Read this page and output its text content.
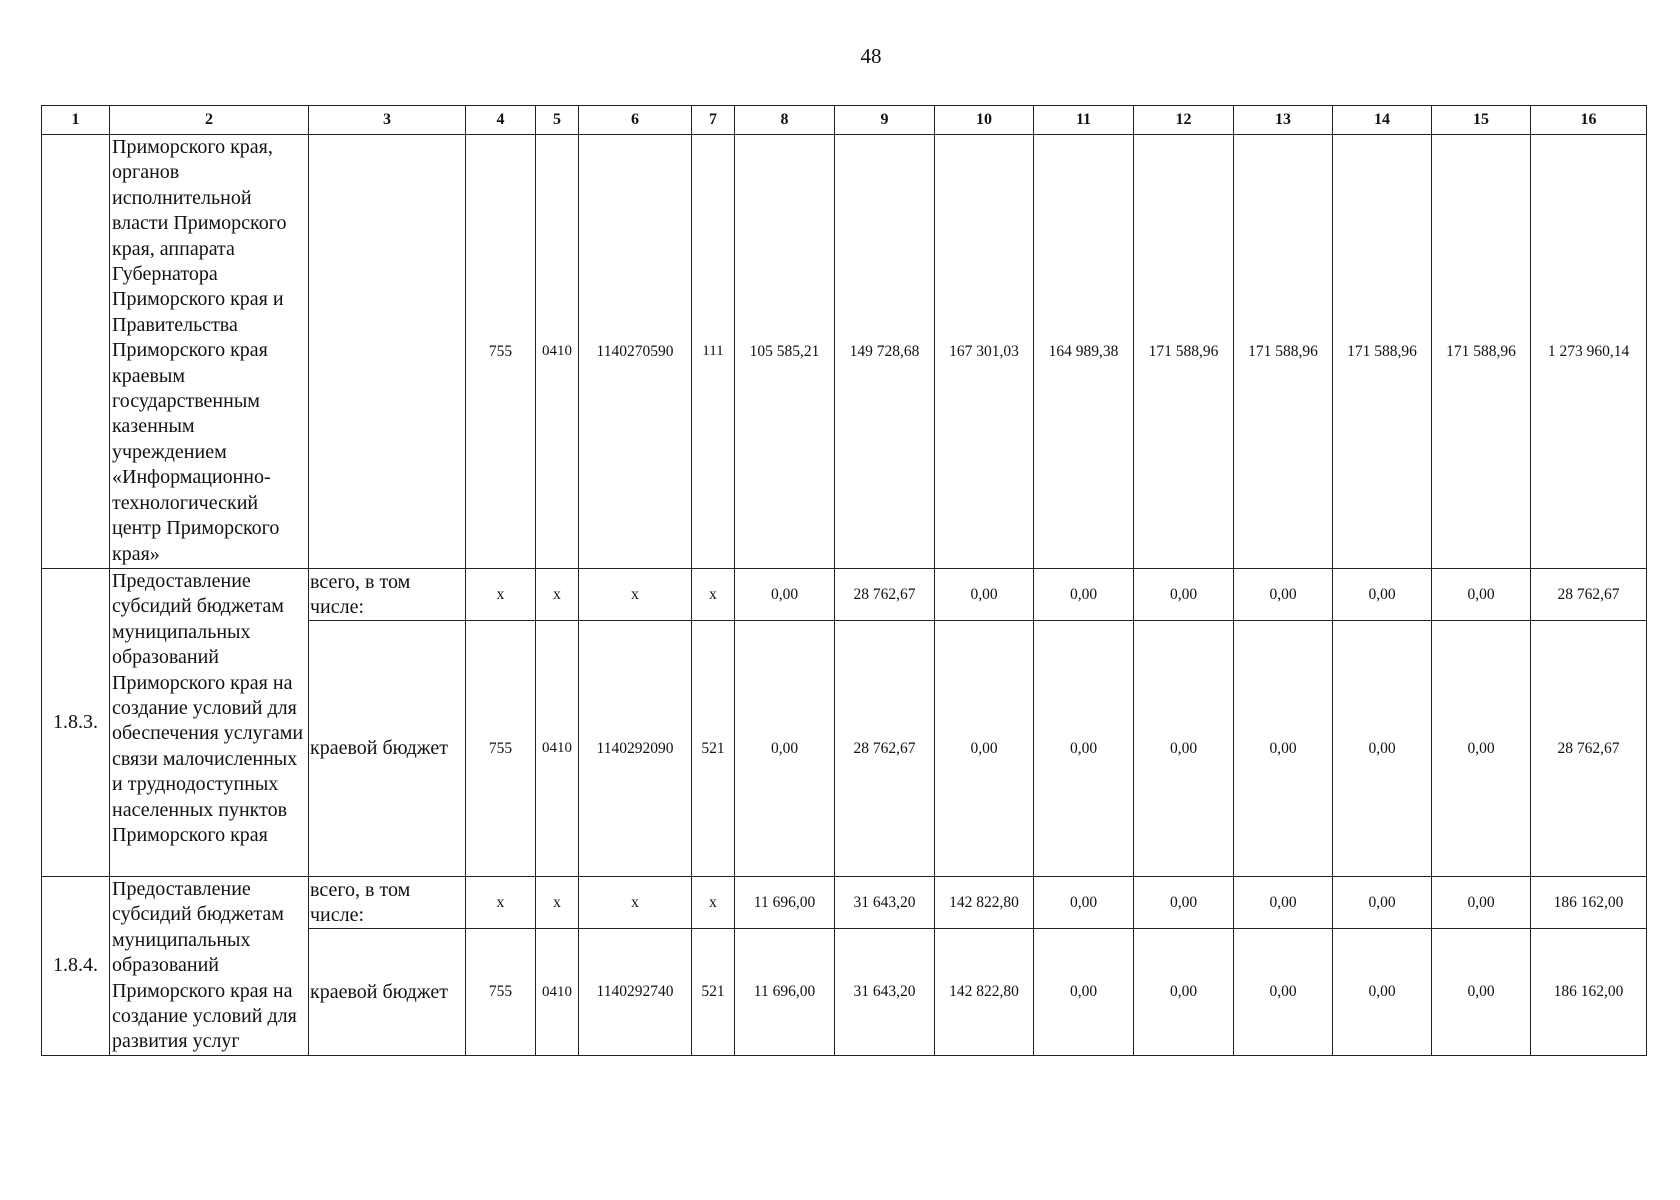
48
1	2	3	4	5	6	7	8	9	10	11	12	13	14	15	16
	Приморского края, органов исполнительной власти Приморского края, аппарата Губернатора Приморского края и Правительства Приморского края краевым государственным казенным учреждением «Информационно-технологический центр Приморского края»		755	0410	1140270590	111	105 585,21	149 728,68	167 301,03	164 989,38	171 588,96	171 588,96	171 588,96	171 588,96	1 273 960,14
1.8.3.	Предоставление субсидий бюджетам муниципальных образований Приморского края на создание условий для обеспечения услугами связи малочисленных и труднодоступных населенных пунктов Приморского края	всего, в том числе:	x	x	x	x	0,00	28 762,67	0,00	0,00	0,00	0,00	0,00	0,00	28 762,67
		краевой бюджет	755	0410	1140292090	521	0,00	28 762,67	0,00	0,00	0,00	0,00	0,00	0,00	28 762,67
1.8.4.	Предоставление субсидий бюджетам муниципальных образований Приморского края на создание условий для развития услуг	всего, в том числе:	x	x	x	x	11 696,00	31 643,20	142 822,80	0,00	0,00	0,00	0,00	0,00	186 162,00
		краевой бюджет	755	0410	1140292740	521	11 696,00	31 643,20	142 822,80	0,00	0,00	0,00	0,00	0,00	186 162,00
